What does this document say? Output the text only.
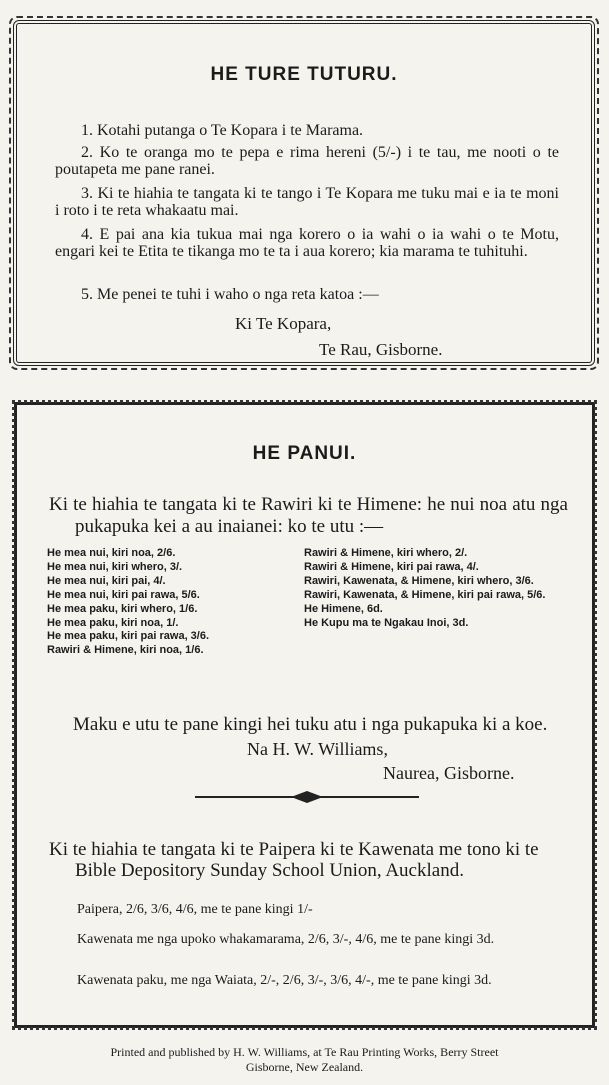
HE TURE TUTURU.

1. Kotahi putanga o Te Kopara i te Marama.

2. Ko te oranga mo te pepa e rima hereni (5/-) i te tau, me nooti o te poutapeta me pane ranei.

3. Ki te hiahia te tangata ki te tango i Te Kopara me tuku mai e ia te moni i roto i te reta whakaatu mai.

4. E pai ana kia tukua mai nga korero o ia wahi o ia wahi o te Motu, engari kei te Etita te tikanga mo te ta i aua korero; kia marama te tuhituhi.

5. Me penei te tuhi i waho o nga reta katoa :—

Ki Te Kopara,
Te Rau, Gisborne.
HE PANUI.

Ki te hiahia te tangata ki te Rawiri ki te Himene: he nui noa atu nga pukapuka kei a au inaianei: ko te utu :—

He mea nui, kiri noa, 2/6.
He mea nui, kiri whero, 3/.
He mea nui, kiri pai, 4/.
He mea nui, kiri pai rawa, 5/6.
He mea paku, kiri whero, 1/6.
He mea paku, kiri noa, 1/.
He mea paku, kiri pai rawa, 3/6.
Rawiri & Himene, kiri noa, 1/6.
Rawiri & Himene, kiri whero, 2/.
Rawiri & Himene, kiri pai rawa, 4/.
Rawiri, Kawenata, & Himene, kiri whero, 3/6.
Rawiri, Kawenata, & Himene, kiri pai rawa, 5/6.
He Himene, 6d.
He Kupu ma te Ngakau Inoi, 3d.

Maku e utu te pane kingi hei tuku atu i nga pukapuka ki a koe.

Na H. W. Williams,
Naurea, Gisborne.

Ki te hiahia te tangata ki te Paipera ki te Kawenata me tono ki te Bible Depository Sunday School Union, Auckland.

Paipera, 2/6, 3/6, 4/6, me te pane kingi 1/-

Kawenata me nga upoko whakamarama, 2/6, 3/-, 4/6, me te pane kingi 3d.

Kawenata paku, me nga Waiata, 2/-, 2/6, 3/-, 3/6, 4/-, me te pane kingi 3d.

Printed and published by H. W. Williams, at Te Rau Printing Works, Berry Street
Gisborne, New Zealand.
